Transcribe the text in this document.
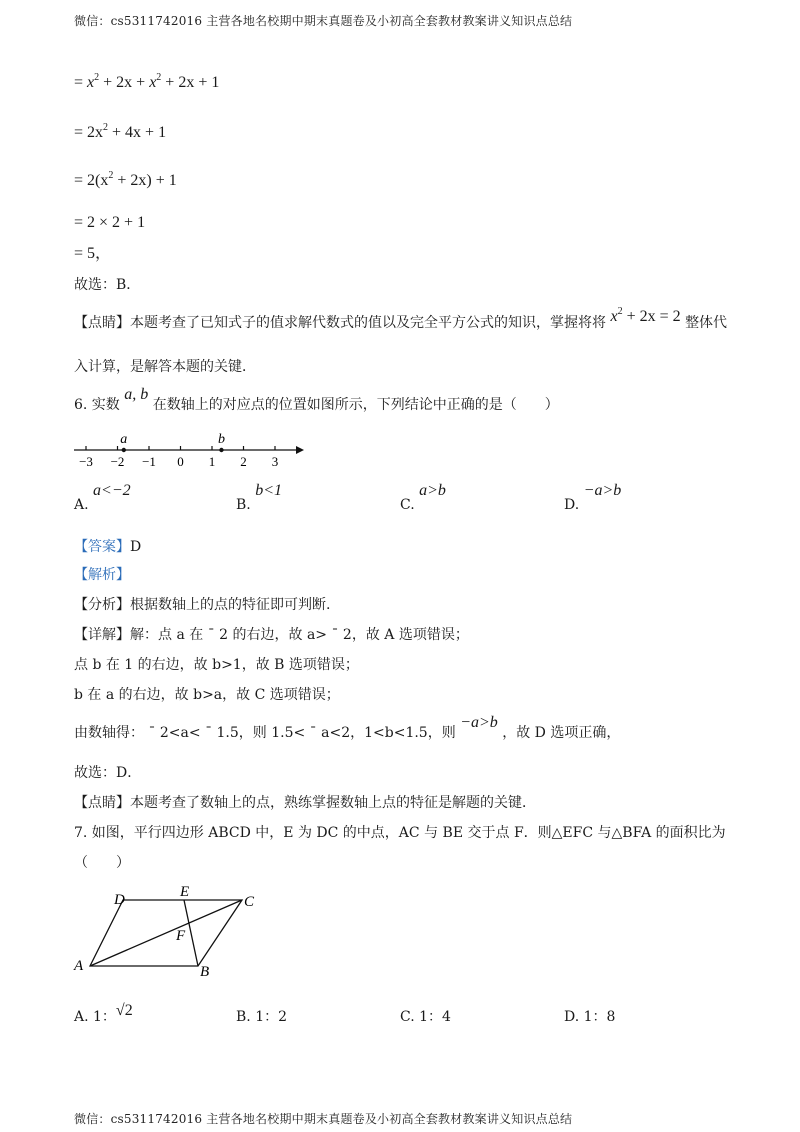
微信：cs5311742016 主营各地名校期中期末真题卷及小初高全套教材教案讲义知识点总结
= $x^2 + 2x + x^2 + 2x + 1$
= $2x^2 + 4x + 1$
= $2(x^2 + 2x) + 1$
= 2 × 2 + 1
= 5，
故选：B．
【点睛】本题考查了已知式子的值求解代数式的值以及完全平方公式的知识，掌握将将 $x^2 + 2x = 2$ 整体代
入计算，是解答本题的关键．
6. 实数 a, b 在数轴上的对应点的位置如图所示，下列结论中正确的是（　　）
−3 −2 −1 0 1 2 3
a	b
A. a<−2
B. b<1
C. a>b
D. −a>b
【答案】D
【解析】
【分析】根据数轴上的点的特征即可判断.
【详解】解：点 a 在 ˉ 2 的右边，故 a> ˉ 2，故 A 选项错误；
点 b 在 1 的右边，故 b>1，故 B 选项错误；
b 在 a 的右边，故 b>a，故 C 选项错误；
由数轴得： ˉ 2<a< ˉ 1.5，则 1.5< ˉ a<2，1<b<1.5，则 −a>b ，故 D 选项正确，
故选：D．
【点睛】本题考查了数轴上的点，熟练掌握数轴上点的特征是解题的关键．
7. 如图，平行四边形 ABCD 中，E 为 DC 的中点，AC 与 BE 交于点 F．则△EFC 与△BFA 的面积比为
（　　）
A	B
C
D	E
F
A. 1：√2	B. 1：2	C. 1：4	D. 1：8
微信：cs5311742016 主营各地名校期中期末真题卷及小初高全套教材教案讲义知识点总结
